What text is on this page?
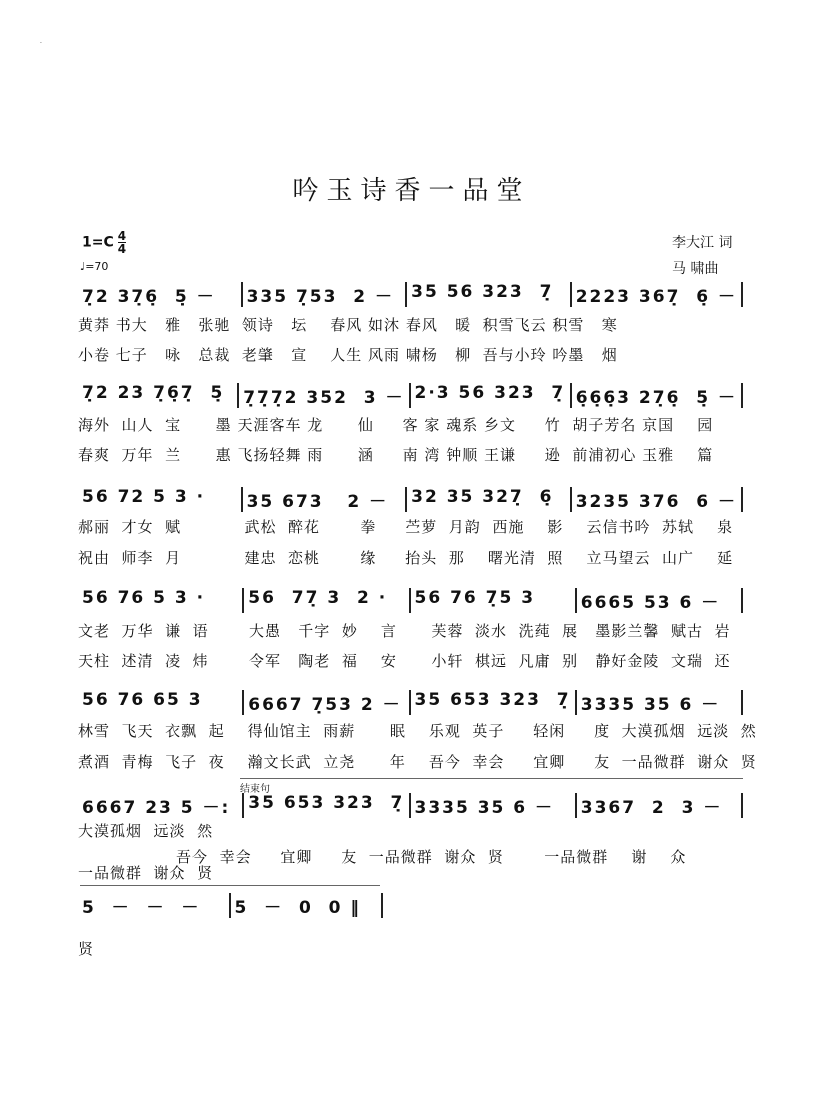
·
吟玉诗香一品堂
$1=C \frac{4}{4}$
♩=70
李大江 词
马 啸曲
7̣2 37̣6̣  5̣ －	335 7̣53  2 －	35 56 323  7̣	2223 367̣  6̣ －
黄莽 书大   雅   张驰  领诗   坛    春风 如沐 春风   暖  积雪飞云 积雪   寒
小卷 七子   咏   总裁  老肇   宣    人生 风雨 啸杨   柳  吾与小玲 吟墨   烟
7̣2 23 7̣6̣7̣  5̣	7̣7̣7̣2 352  3 － 2·3 56 323  7̣ 6̣6̣6̣3 27̣6̣  5̣ －
海外  山人  宝      墨 天涯客车 龙      仙     客 家 魂系 乡文     竹  胡子芳名 京国    园
春爽  万年  兰      惠 飞扬轻舞 雨      涵     南 湾 钟顺 王谦     逊  前浦初心 玉雅    篇
56 72 5 3 ·	35 673   2 －	32 35 327̣  6̣	3235 376  6 －
郝丽  才女  赋           武松  醉花       拳     苎萝  月韵  西施    影    云信书吟  苏轼    泉
祝由  师李  月           建忠  恋桃       缘     抬头  那    曙光清  照    立马望云  山广    延
56 76 5 3 ·	56  77̣ 3  2 ·	56 76 7̣5 3	6665 53 6 －
文老  万华  谦  语       大愚   千字  妙    言      芙蓉  淡水  洗莼  展   墨影兰馨  赋古  岩
天柱  述清  凌  炜       令军   陶老  福    安      小轩  棋远  凡庸  别   静好金陵  文瑞  还
56 76 65 3	6667 7̣53 2 － 35 653 323  7̣ 3335 35 6 －
林雪  飞天  衣飘  起    得仙馆主  雨薪      眠    乐观  英子     轻闲     度  大漠孤烟  远淡  然
煮酒  青梅  飞子  夜    瀚文长武  立尧      年    吾今  幸会     宜卿     友  一品微群  谢众  贤
6667 23 5 －:	35 653 323  7̣ 3335 35 6 －	3367  2  3 －
大漠孤烟  远淡  然
吾今  幸会     宜卿     友  一品微群  谢众  贤       一品微群    谢    众
一品微群  谢众  贤
5  －  －  －	5  －  0  0 ‖
贤
结束句
